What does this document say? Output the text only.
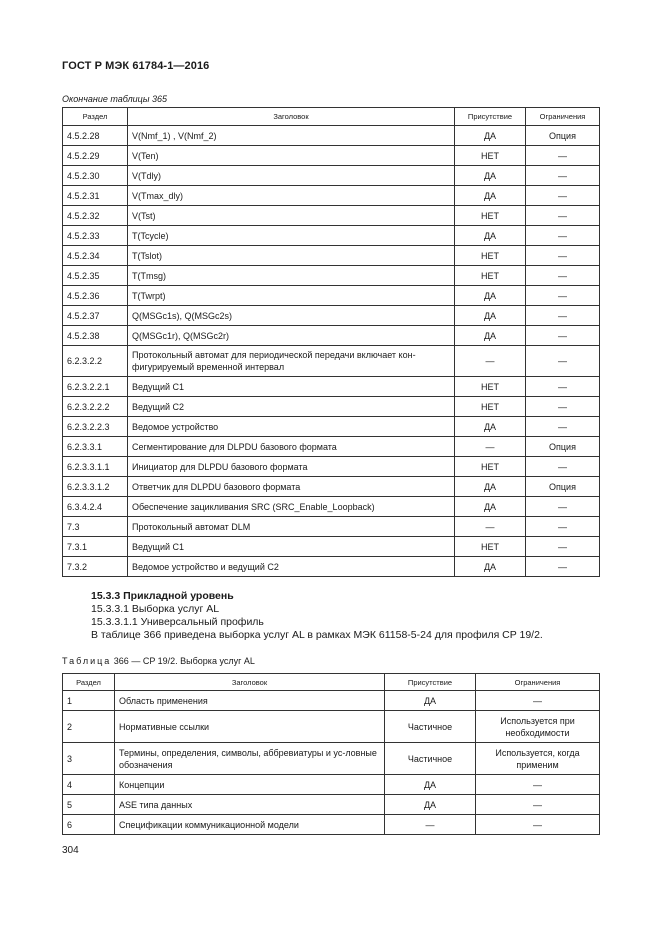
ГОСТ Р МЭК 61784-1—2016
Окончание таблицы 365
Раздел	Заголовок	Присутствие	Ограничения
4.5.2.28	V(Nmf_1) , V(Nmf_2)	ДА	Опция
4.5.2.29	V(Ten)	НЕТ	—
4.5.2.30	V(Tdly)	ДА	—
4.5.2.31	V(Tmax_dly)	ДА	—
4.5.2.32	V(Tst)	НЕТ	—
4.5.2.33	T(Tcycle)	ДА	—
4.5.2.34	T(Tslot)	НЕТ	—
4.5.2.35	T(Tmsg)	НЕТ	—
4.5.2.36	T(Twrpt)	ДА	—
4.5.2.37	Q(MSGc1s), Q(MSGc2s)	ДА	—
4.5.2.38	Q(MSGc1r), Q(MSGc2r)	ДА	—
6.2.3.2.2	Протокольный автомат для периодической передачи включает кон-фигурируемый временной интервал	—	—
6.2.3.2.2.1	Ведущий C1	НЕТ	—
6.2.3.2.2.2	Ведущий C2	НЕТ	—
6.2.3.2.2.3	Ведомое устройство	ДА	—
6.2.3.3.1	Сегментирование для DLPDU базового формата	—	Опция
6.2.3.3.1.1	Инициатор для DLPDU базового формата	НЕТ	—
6.2.3.3.1.2	Ответчик для DLPDU базового формата	ДА	Опция
6.3.4.2.4	Обеспечение зацикливания SRC (SRC_Enable_Loopback)	ДА	—
7.3	Протокольный автомат DLM	—	—
7.3.1	Ведущий C1	НЕТ	—
7.3.2	Ведомое устройство и ведущий C2	ДА	—
15.3.3 Прикладной уровень
15.3.3.1 Выборка услуг AL
15.3.3.1.1 Универсальный профиль
В таблице 366 приведена выборка услуг AL в рамках МЭК 61158-5-24 для профиля CP 19/2.
Таблица 366 — CP 19/2. Выборка услуг AL
Раздел	Заголовок	Присутствие	Ограничения
1	Область применения	ДА	—
2	Нормативные ссылки	Частичное	Используется при необходимости
3	Термины, определения, символы, аббревиатуры и ус-ловные обозначения	Частичное	Используется, когда применим
4	Концепции	ДА	—
5	ASE типа данных	ДА	—
6	Спецификации коммуникационной модели	—	—
304
